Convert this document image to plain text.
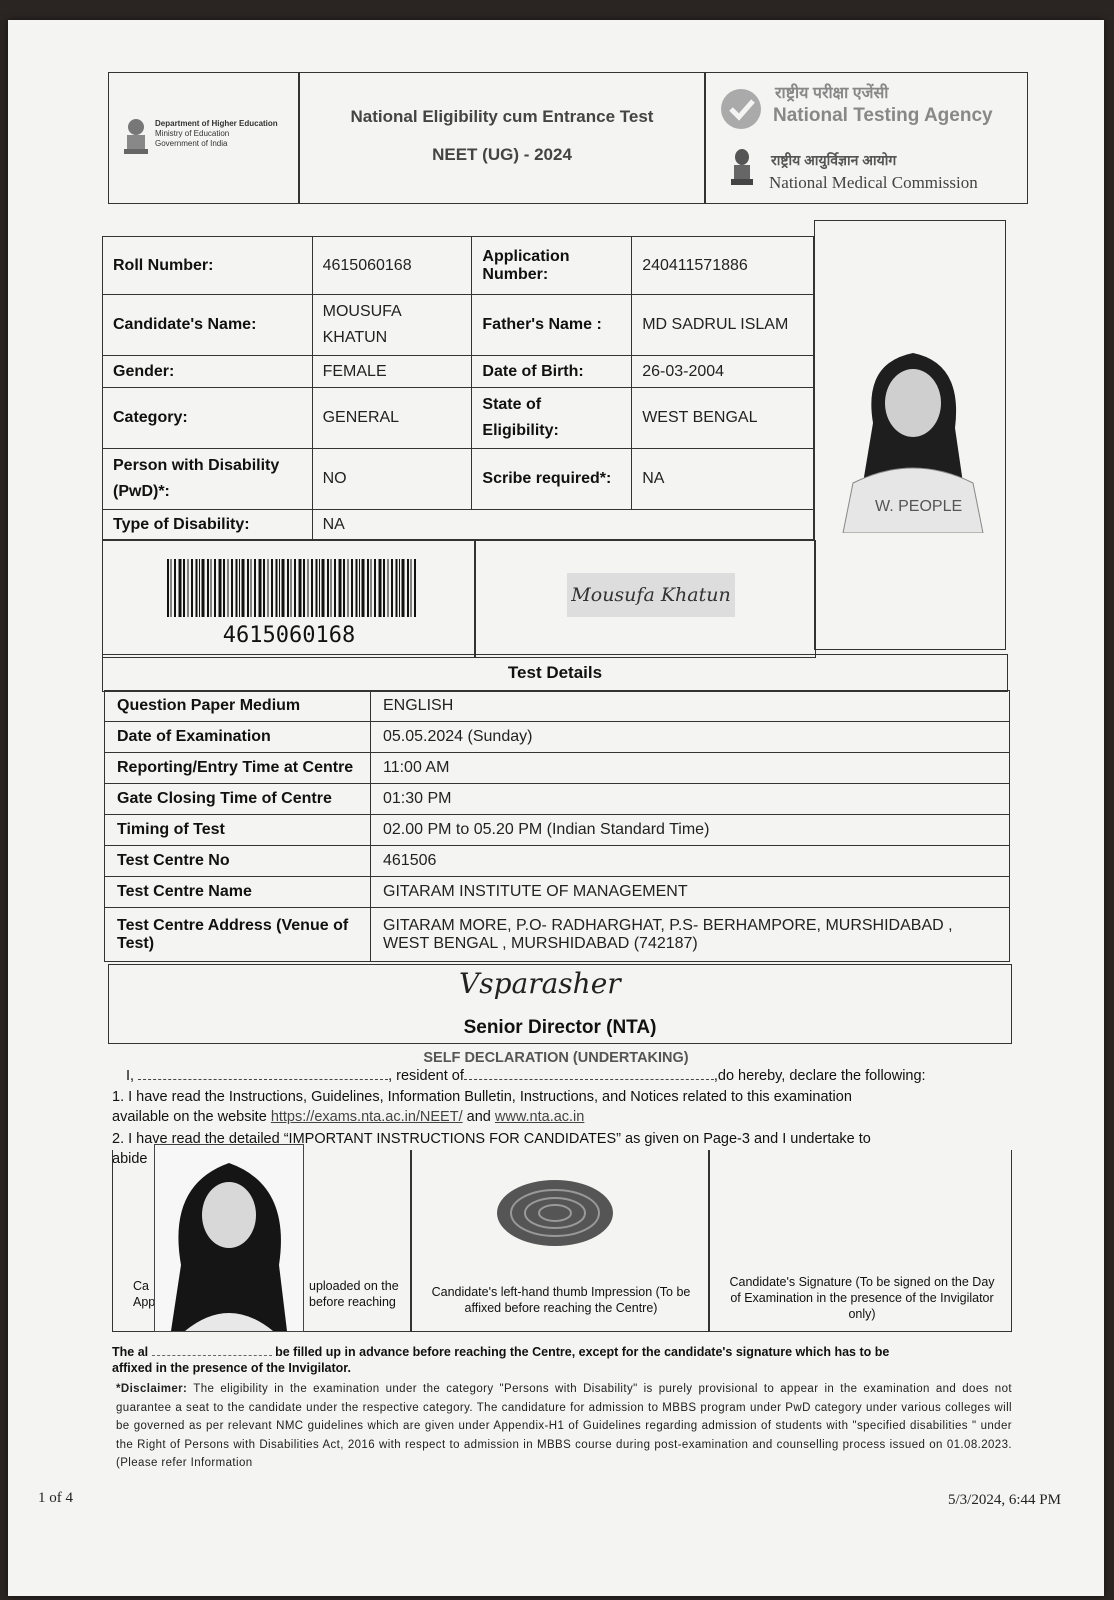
Department of Higher Education
Ministry of Education
Government of India
National Eligibility cum Entrance Test
NEET (UG) - 2024
राष्ट्रीय परीक्षा एजेंसी
National Testing Agency
राष्ट्रीय आयुर्विज्ञान आयोग
National Medical Commission
Roll Number:	4615060168	Application Number:	240411571886
Candidate's Name:	MOUSUFA KHATUN	Father's Name :	MD SADRUL ISLAM
Gender:	FEMALE	Date of Birth:	26-03-2004
Category:	GENERAL	State of Eligibility:	WEST BENGAL
Person with Disability (PwD)*:	NO	Scribe required*:	NA
Type of Disability:	NA		
W. PEOPLE
4615060168
Mousufa Khatun
Test Details
Question Paper Medium	ENGLISH
Date of Examination	05.05.2024 (Sunday)
Reporting/Entry Time at Centre	11:00 AM
Gate Closing Time of Centre	01:30 PM
Timing of Test	02.00 PM to 05.20 PM (Indian Standard Time)
Test Centre No	461506
Test Centre Name	GITARAM INSTITUTE OF MANAGEMENT
Test Centre Address (Venue of Test)	GITARAM MORE, P.O- RADHARGHAT, P.S- BERHAMPORE, MURSHIDABAD , WEST BENGAL , MURSHIDABAD (742187)
Vsparasher
Senior Director (NTA)
SELF DECLARATION (UNDERTAKING)
I,	, resident of	,do hereby, declare the following:
1. I have read the Instructions, Guidelines, Information Bulletin, Instructions, and Notices related to this examination
available on the website https://exams.nta.ac.in/NEET/ and www.nta.ac.in
2. I have read the detailed “IMPORTANT INSTRUCTIONS FOR CANDIDATES” as given on Page-3 and I undertake to
abide
Ca
App
uploaded on the
before reaching
Candidate's left-hand thumb Impression (To be affixed before reaching the Centre)
Candidate's Signature (To be signed on the Day of Examination in the presence of the Invigilator only)
The al	be filled up in advance before reaching the Centre, except for the candidate's signature which has to be
affixed in the presence of the Invigilator.
*Disclaimer: The eligibility in the examination under the category "Persons with Disability" is purely provisional to appear in the examination and does not guarantee a seat to the candidate under the respective category. The candidature for admission to MBBS program under PwD category under various colleges will be governed as per relevant NMC guidelines which are given under Appendix-H1 of Guidelines regarding admission of students with "specified disabilities " under the Right of Persons with Disabilities Act, 2016 with respect to admission in MBBS course during post-examination and counselling process issued on 01.08.2023. (Please refer Information
1 of 4	5/3/2024, 6:44 PM
